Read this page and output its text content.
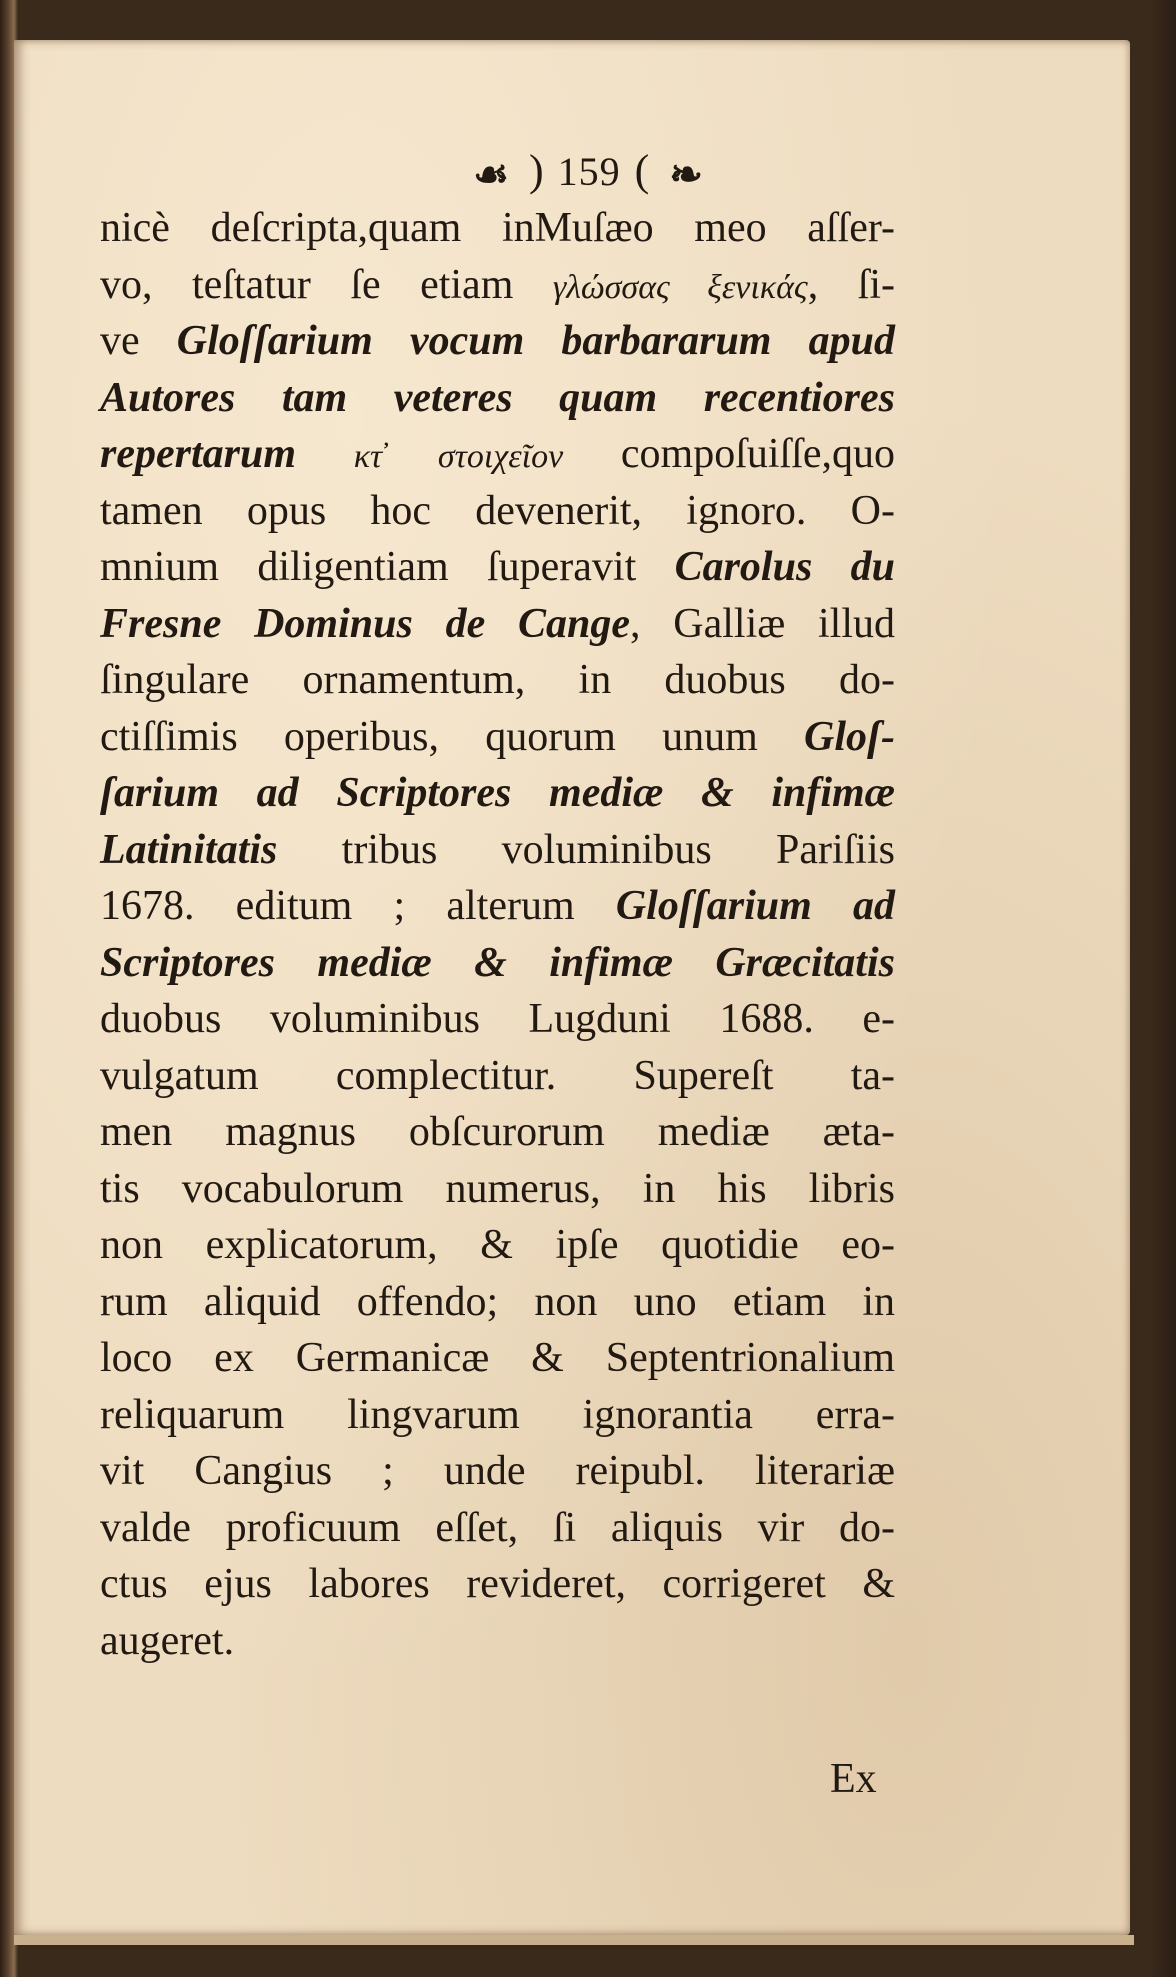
☙ ) 159 ( ❧
nicè deſcripta,quam inMuſæo meo aſſer-
vo, teſtatur ſe etiam γλώσσας ξενικάς, ſi-
ve Gloſſarium vocum barbararum apud
Autores tam veteres quam recentiores
repertarum κτ̓ στοιχεῖον compoſuiſſe,quo
tamen opus hoc devenerit, ignoro. O-
mnium diligentiam ſuperavit Carolus du
Fresne Dominus de Cange, Galliæ illud
ſingulare ornamentum, in duobus do-
ctiſſimis operibus, quorum unum Gloſ-
ſarium ad Scriptores mediæ & infimæ
Latinitatis tribus voluminibus Pariſiis
1678. editum ; alterum Gloſſarium ad
Scriptores mediæ & infimæ Græcitatis
duobus voluminibus Lugduni 1688. e-
vulgatum complectitur. Supereſt ta-
men magnus obſcurorum mediæ æta-
tis vocabulorum numerus, in his libris
non explicatorum, & ipſe quotidie eo-
rum aliquid offendo; non uno etiam in
loco ex Germanicæ & Septentrionalium
reliquarum lingvarum ignorantia erra-
vit Cangius ; unde reipubl. literariæ
valde proficuum eſſet, ſi aliquis vir do-
ctus ejus labores revideret, corrigeret &
augeret.
Ex
